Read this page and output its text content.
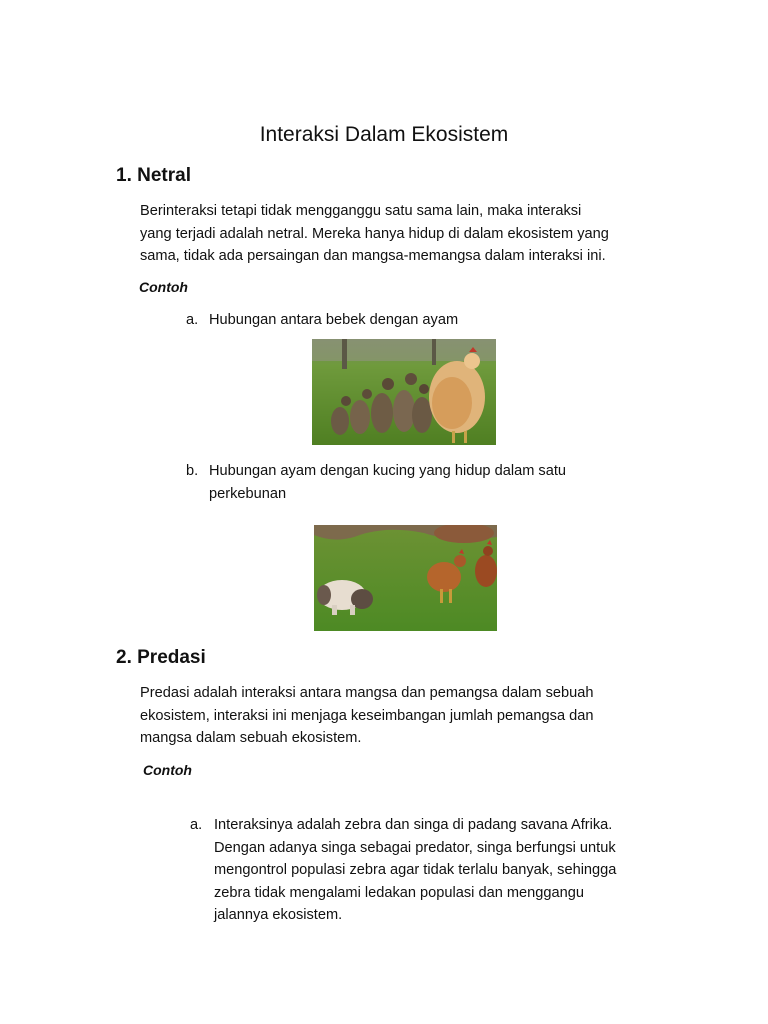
Interaksi Dalam Ekosistem
1. Netral

Berinteraksi tetapi tidak mengganggu satu sama lain, maka interaksi

yang terjadi adalah netral. Mereka hanya hidup di dalam ekosistem yang

sama, tidak ada persaingan dan mangsa-memangsa dalam interaksi ini.

Contoh

a. Hubungan antara bebek dengan ayam
b. Hubungan ayam dengan kucing yang hidup dalam satu
perkebunan
2. Predasi

Predasi adalah interaksi antara mangsa dan pemangsa dalam sebuah

ekosistem, interaksi ini menjaga keseimbangan jumlah pemangsa dan

mangsa dalam sebuah ekosistem.

Contoh

a. Interaksinya adalah zebra dan singa di padang savana Afrika.
Dengan adanya singa sebagai predator, singa berfungsi untuk
mengontrol populasi zebra agar tidak terlalu banyak, sehingga
zebra tidak mengalami ledakan populasi dan menggangu
jalannya ekosistem.
